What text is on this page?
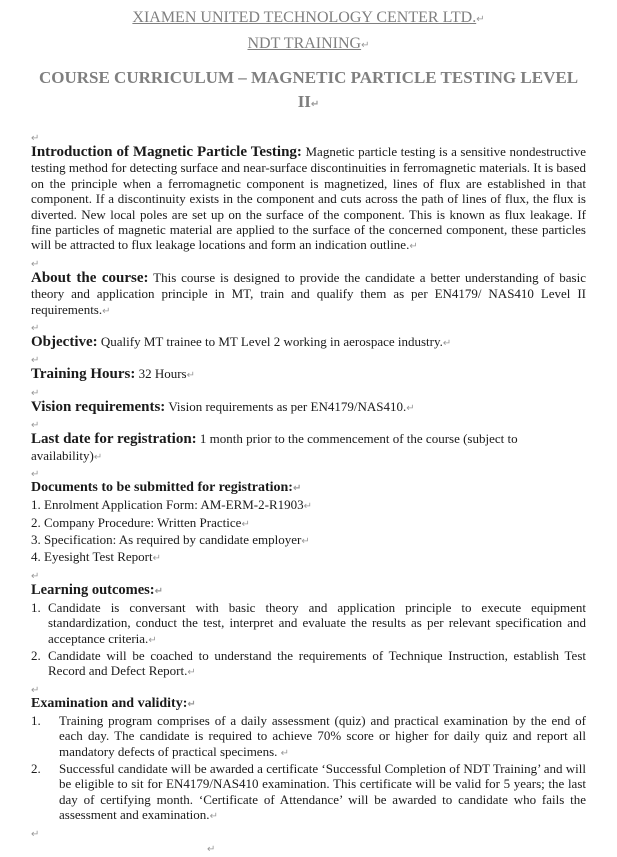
XIAMEN UNITED TECHNOLOGY CENTER LTD.↵

NDT TRAINING↵

COURSE CURRICULUM – MAGNETIC PARTICLE TESTING LEVEL II↵

↵

Introduction of Magnetic Particle Testing: Magnetic particle testing is a sensitive nondestructive testing method for detecting surface and near-surface discontinuities in ferromagnetic materials. It is based on the principle when a ferromagnetic component is magnetized, lines of flux are established in that component. If a discontinuity exists in the component and cuts across the path of lines of flux, the flux is diverted. New local poles are set up on the surface of the component. This is known as flux leakage. If fine particles of magnetic material are applied to the surface of the concerned component, these particles will be attracted to flux leakage locations and form an indication outline.↵

↵

About the course: This course is designed to provide the candidate a better understanding of basic theory and application principle in MT, train and qualify them as per EN4179/ NAS410 Level II requirements.↵

↵

Objective: Qualify MT trainee to MT Level 2 working in aerospace industry.↵

↵

Training Hours: 32 Hours↵

↵

Vision requirements: Vision requirements as per EN4179/NAS410.↵

↵

Last date for registration: 1 month prior to the commencement of the course (subject to availability)↵

↵

Documents to be submitted for registration:↵

1. Enrolment Application Form: AM-ERM-2-R1903↵

2. Company Procedure: Written Practice↵

3. Specification: As required by candidate employer↵

4. Eyesight Test Report↵

↵

Learning outcomes:↵

1. Candidate is conversant with basic theory and application principle to execute equipment standardization, conduct the test, interpret and evaluate the results as per relevant specification and acceptance criteria.↵
2. Candidate will be coached to understand the requirements of Technique Instruction, establish Test Record and Defect Report.↵
↵

Examination and validity:↵

1.	Training program comprises of a daily assessment (quiz) and practical examination by the end of each day. The candidate is required to achieve 70% score or higher for daily quiz and report all mandatory defects of practical specimens. ↵
2.	Successful candidate will be awarded a certificate ‘Successful Completion of NDT Training’ and will be eligible to sit for EN4179/NAS410 examination. This certificate will be valid for 5 years; the last day of certifying month. ‘Certificate of Attendance’ will be awarded to candidate who fails the assessment and examination.↵
↵
↵
